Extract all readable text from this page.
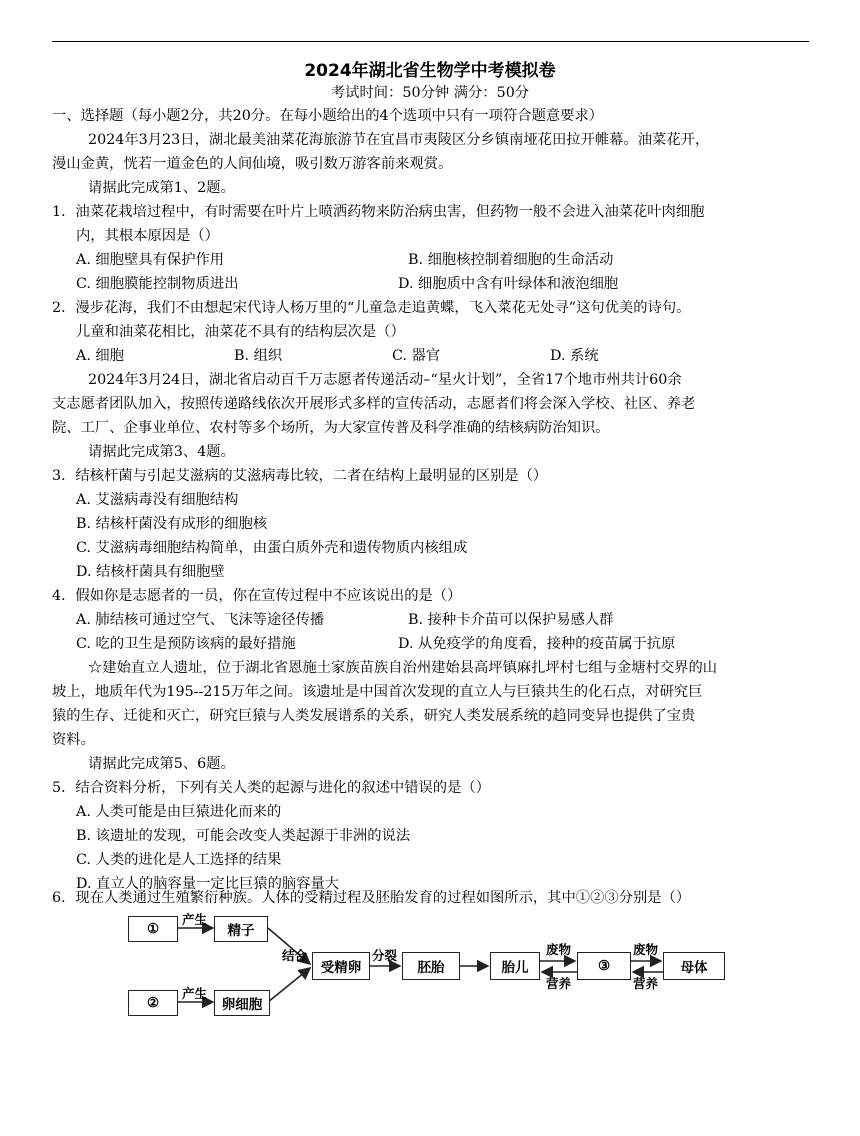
2024年湖北省生物学中考模拟卷
考试时间：50分钟 满分：50分
一、选择题（每小题2分，共20分。在每小题给出的4个选项中只有一项符合题意要求）
2024年3月23日，湖北最美油菜花海旅游节在宜昌市夷陵区分乡镇南垭花田拉开帷幕。油菜花开，
漫山金黄，恍若一道金色的人间仙境，吸引数万游客前来观赏。
请据此完成第1、2题。
1．油菜花栽培过程中，有时需要在叶片上喷洒药物来防治病虫害，但药物一般不会进入油菜花叶肉细胞
内，其根本原因是（）
A. 细胞壁具有保护作用	B. 细胞核控制着细胞的生命活动
C. 细胞膜能控制物质进出	D. 细胞质中含有叶绿体和液泡细胞
2．漫步花海，我们不由想起宋代诗人杨万里的“儿童急走追黄蝶，飞入菜花无处寻”这句优美的诗句。
儿童和油菜花相比，油菜花不具有的结构层次是（）
A. 细胞	B. 组织	C. 器官	D. 系统
2024年3月24日，湖北省启动百千万志愿者传递活动–“星火计划”，全省17个地市州共计60余
支志愿者团队加入，按照传递路线依次开展形式多样的宣传活动，志愿者们将会深入学校、社区、养老
院、工厂、企事业单位、农村等多个场所，为大家宣传普及科学准确的结核病防治知识。
请据此完成第3、4题。
3．结核杆菌与引起艾滋病的艾滋病毒比较，二者在结构上最明显的区别是（）
A. 艾滋病毒没有细胞结构
B. 结核杆菌没有成形的细胞核
C. 艾滋病毒细胞结构简单，由蛋白质外壳和遗传物质内核组成
D. 结核杆菌具有细胞壁
4．假如你是志愿者的一员，你在宣传过程中不应该说出的是（）
A. 肺结核可通过空气、飞沫等途径传播	B. 接种卡介苗可以保护易感人群
C. 吃的卫生是预防该病的最好措施	D. 从免疫学的角度看，接种的疫苗属于抗原
☆建始直立人遗址，位于湖北省恩施土家族苗族自治州建始县高坪镇麻扎坪村七组与金塘村交界的山
坡上，地质年代为195--215万年之间。该遗址是中国首次发现的直立人与巨猿共生的化石点，对研究巨
猿的生存、迁徙和灭亡，研究巨猿与人类发展谱系的关系，研究人类发展系统的趋同变异也提供了宝贵
资料。
请据此完成第5、6题。
5．结合资料分析，下列有关人类的起源与进化的叙述中错误的是（）
A. 人类可能是由巨猿进化而来的
B. 该遗址的发现，可能会改变人类起源于非洲的说法
C. 人类的进化是人工选择的结果
D. 直立人的脑容量一定比巨猿的脑容量大
6．现在人类通过生殖繁衍种族。人体的受精过程及胚胎发育的过程如图所示，其中①②③分别是（）
①
产生
精子
②
产生
卵细胞
结合
受精卵
分裂
胚胎	胎儿
废物
营养
③
废物
营养
母体
